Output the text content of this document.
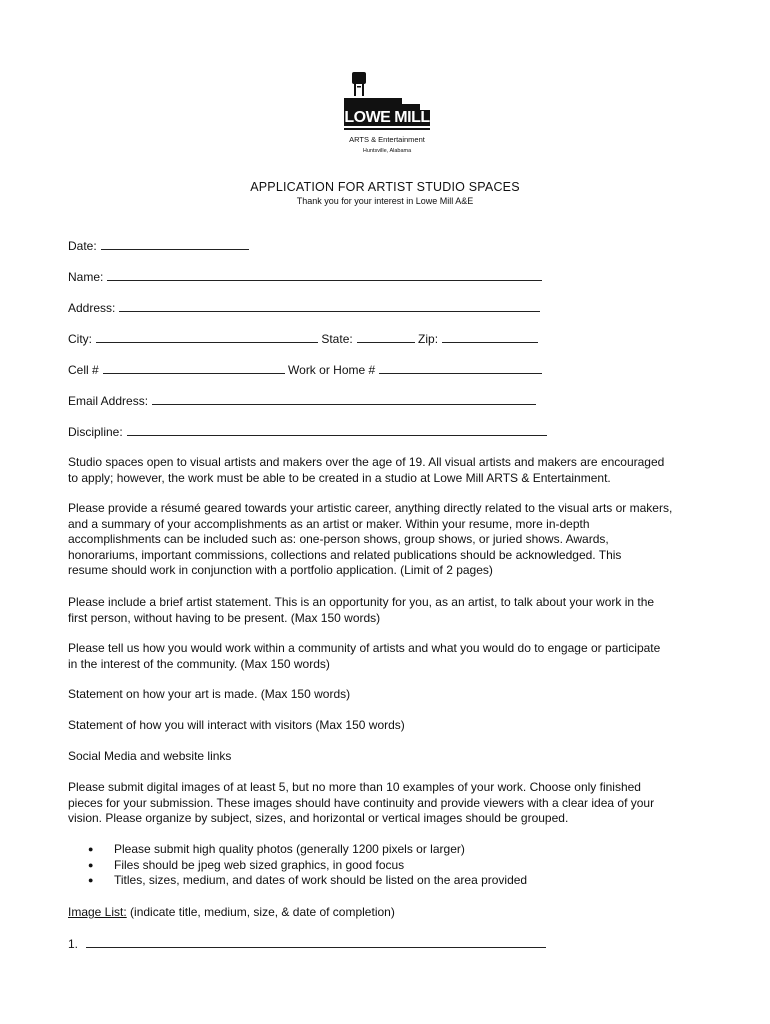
LOWE MILL
ARTS & Entertainment
Huntsville, Alabama
APPLICATION FOR ARTIST STUDIO SPACES
Thank you for your interest in Lowe Mill A&E
Date:
Name:
Address:
City:	State:	Zip:
Cell #	Work or Home #
Email Address:
Discipline:
Studio spaces open to visual artists and makers over the age of 19. All visual artists and makers are encouraged
to apply; however, the work must be able to be created in a studio at Lowe Mill ARTS & Entertainment.
Please provide a résumé geared towards your artistic career, anything directly related to the visual arts or makers,
and a summary of your accomplishments as an artist or maker. Within your resume, more in-depth
accomplishments can be included such as: one-person shows, group shows, or juried shows. Awards,
honorariums, important commissions, collections and related publications should be acknowledged. This
resume should work in conjunction with a portfolio application. (Limit of 2 pages)
Please include a brief artist statement. This is an opportunity for you, as an artist, to talk about your work in the
first person, without having to be present. (Max 150 words)
Please tell us how you would work within a community of artists and what you would do to engage or participate
in the interest of the community. (Max 150 words)
Statement on how your art is made. (Max 150 words)
Statement of how you will interact with visitors (Max 150 words)
Social Media and website links
Please submit digital images of at least 5, but no more than 10 examples of your work. Choose only finished
pieces for your submission. These images should have continuity and provide viewers with a clear idea of your
vision. Please organize by subject, sizes, and horizontal or vertical images should be grouped.
● Please submit high quality photos (generally 1200 pixels or larger)
● Files should be jpeg web sized graphics, in good focus
● Titles, sizes, medium, and dates of work should be listed on the area provided
Image List: (indicate title, medium, size, & date of completion)
1.
